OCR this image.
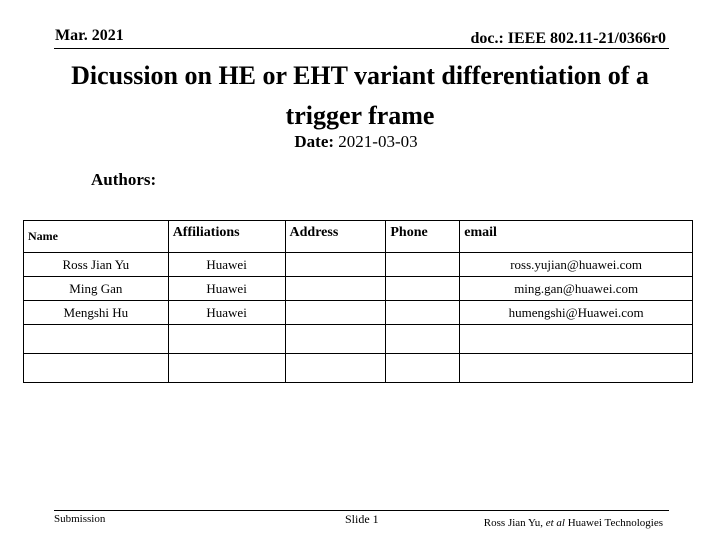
Mar. 2021	doc.: IEEE 802.11-21/0366r0
Dicussion on HE or EHT variant differentiation of a
trigger frame
Date: 2021-03-03
Authors:
Name	Affiliations	Address	Phone	email
Ross Jian Yu	Huawei			ross.yujian@huawei.com
Ming Gan	Huawei			ming.gan@huawei.com
Mengshi Hu	Huawei			humengshi@Huawei.com

Submission	Slide 1	Ross Jian Yu, et al Huawei Technologies
